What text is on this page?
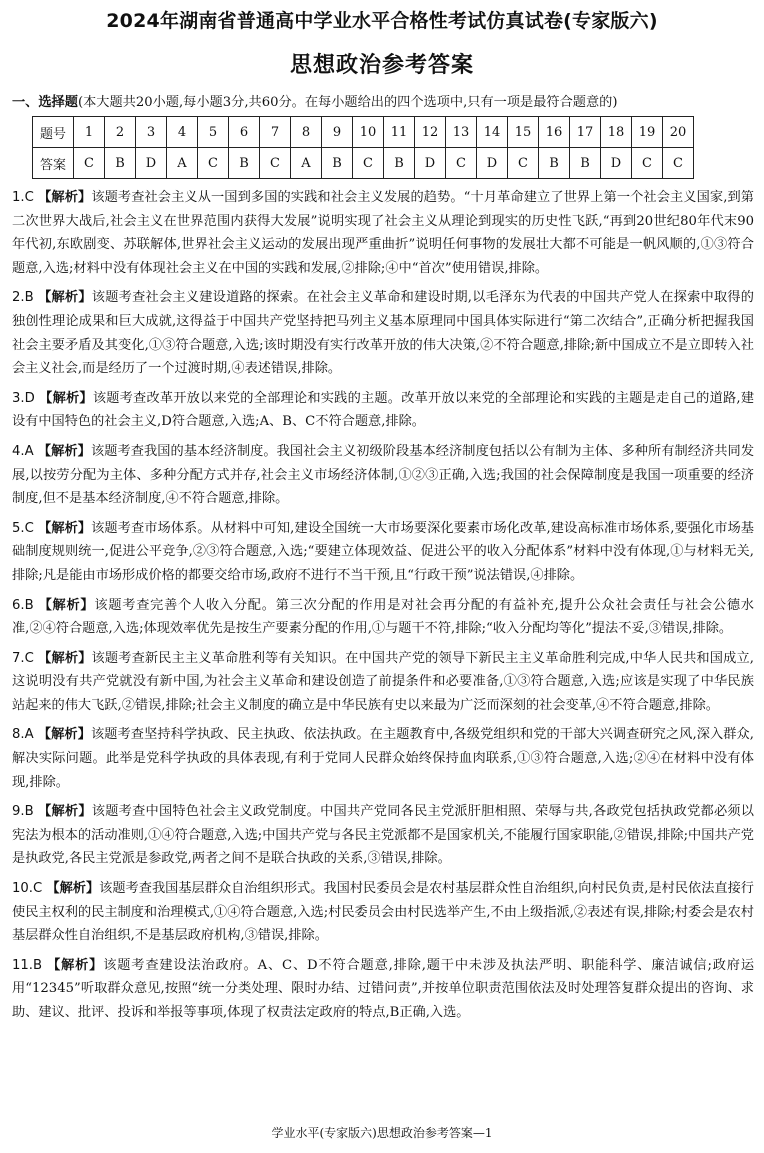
2024年湖南省普通高中学业水平合格性考试仿真试卷(专家版六)
思想政治参考答案
一、选择题(本大题共20小题,每小题3分,共60分。在每小题给出的四个选项中,只有一项是最符合题意的)
题号	1	2	3	4	5	6	7	8	9	10	11	12	13	14	15	16	17	18	19	20
答案	C	B	D	A	C	B	C	A	B	C	B	D	C	D	C	B	B	D	C	C
1.C 【解析】该题考查社会主义从一国到多国的实践和社会主义发展的趋势。“十月革命建立了世界上第一个社会主义国家,到第二次世界大战后,社会主义在世界范围内获得大发展”说明实现了社会主义从理论到现实的历史性飞跃,“再到20世纪80年代末90年代初,东欧剧变、苏联解体,世界社会主义运动的发展出现严重曲折”说明任何事物的发展壮大都不可能是一帆风顺的,①③符合题意,入选;材料中没有体现社会主义在中国的实践和发展,②排除;④中“首次”使用错误,排除。
2.B 【解析】该题考查社会主义建设道路的探索。在社会主义革命和建设时期,以毛泽东为代表的中国共产党人在探索中取得的独创性理论成果和巨大成就,这得益于中国共产党坚持把马列主义基本原理同中国具体实际进行“第二次结合”,正确分析把握我国社会主要矛盾及其变化,①③符合题意,入选;该时期没有实行改革开放的伟大决策,②不符合题意,排除;新中国成立不是立即转入社会主义社会,而是经历了一个过渡时期,④表述错误,排除。
3.D 【解析】该题考查改革开放以来党的全部理论和实践的主题。改革开放以来党的全部理论和实践的主题是走自己的道路,建设有中国特色的社会主义,D符合题意,入选;A、B、C不符合题意,排除。
4.A 【解析】该题考查我国的基本经济制度。我国社会主义初级阶段基本经济制度包括以公有制为主体、多种所有制经济共同发展,以按劳分配为主体、多种分配方式并存,社会主义市场经济体制,①②③正确,入选;我国的社会保障制度是我国一项重要的经济制度,但不是基本经济制度,④不符合题意,排除。
5.C 【解析】该题考查市场体系。从材料中可知,建设全国统一大市场要深化要素市场化改革,建设高标准市场体系,要强化市场基础制度规则统一,促进公平竞争,②③符合题意,入选;“要建立体现效益、促进公平的收入分配体系”材料中没有体现,①与材料无关,排除;凡是能由市场形成价格的都要交给市场,政府不进行不当干预,且“行政干预”说法错误,④排除。
6.B 【解析】该题考查完善个人收入分配。第三次分配的作用是对社会再分配的有益补充,提升公众社会责任与社会公德水准,②④符合题意,入选;体现效率优先是按生产要素分配的作用,①与题干不符,排除;“收入分配均等化”提法不妥,③错误,排除。
7.C 【解析】该题考查新民主主义革命胜利等有关知识。在中国共产党的领导下新民主主义革命胜利完成,中华人民共和国成立,这说明没有共产党就没有新中国,为社会主义革命和建设创造了前提条件和必要准备,①③符合题意,入选;应该是实现了中华民族站起来的伟大飞跃,②错误,排除;社会主义制度的确立是中华民族有史以来最为广泛而深刻的社会变革,④不符合题意,排除。
8.A 【解析】该题考查坚持科学执政、民主执政、依法执政。在主题教育中,各级党组织和党的干部大兴调查研究之风,深入群众,解决实际问题。此举是党科学执政的具体表现,有利于党同人民群众始终保持血肉联系,①③符合题意,入选;②④在材料中没有体现,排除。
9.B 【解析】该题考查中国特色社会主义政党制度。中国共产党同各民主党派肝胆相照、荣辱与共,各政党包括执政党都必须以宪法为根本的活动准则,①④符合题意,入选;中国共产党与各民主党派都不是国家机关,不能履行国家职能,②错误,排除;中国共产党是执政党,各民主党派是参政党,两者之间不是联合执政的关系,③错误,排除。
10.C 【解析】该题考查我国基层群众自治组织形式。我国村民委员会是农村基层群众性自治组织,向村民负责,是村民依法直接行使民主权利的民主制度和治理模式,①④符合题意,入选;村民委员会由村民选举产生,不由上级指派,②表述有误,排除;村委会是农村基层群众性自治组织,不是基层政府机构,③错误,排除。
11.B 【解析】该题考查建设法治政府。A、C、D不符合题意,排除,题干中未涉及执法严明、职能科学、廉洁诚信;政府运用“12345”听取群众意见,按照“统一分类处理、限时办结、过错问责”,并按单位职责范围依法及时处理答复群众提出的咨询、求助、建议、批评、投诉和举报等事项,体现了权责法定政府的特点,B正确,入选。
学业水平(专家版六)思想政治参考答案—1
